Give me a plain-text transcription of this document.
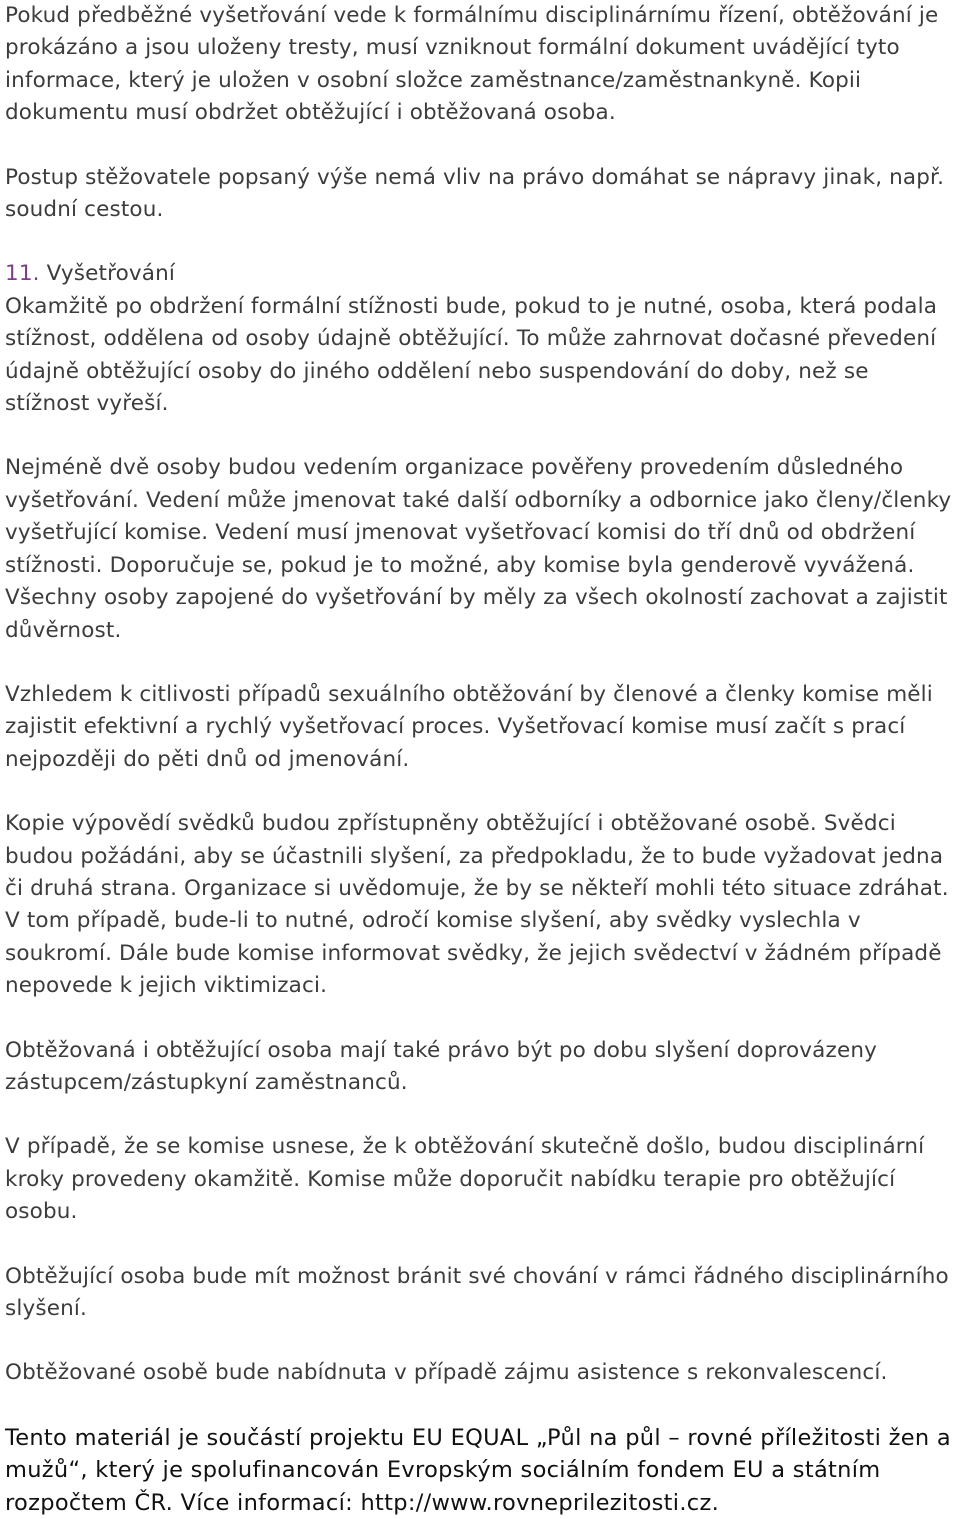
Pokud předběžné vyšetřování vede k formálnímu disciplinárnímu řízení, obtěžování je prokázáno a jsou uloženy tresty, musí vzniknout formální dokument uvádějící tyto informace, který je uložen v osobní složce zaměstnance/zaměstnankyně. Kopii dokumentu musí obdržet obtěžující i obtěžovaná osoba.

Postup stěžovatele popsaný výše nemá vliv na právo domáhat se nápravy jinak, např. soudní cestou.

11. Vyšetřování

Okamžitě po obdržení formální stížnosti bude, pokud to je nutné, osoba, která podala stížnost, oddělena od osoby údajně obtěžující. To může zahrnovat dočasné převedení údajně obtěžující osoby do jiného oddělení nebo suspendování do doby, než se stížnost vyřeší.

Nejméně dvě osoby budou vedením organizace pověřeny provedením důsledného vyšetřování. Vedení může jmenovat také další odborníky a odbornice jako členy/členky vyšetřující komise. Vedení musí jmenovat vyšetřovací komisi do tří dnů od obdržení stížnosti. Doporučuje se, pokud je to možné, aby komise byla genderově vyvážená. Všechny osoby zapojené do vyšetřování by měly za všech okolností zachovat a zajistit důvěrnost.

Vzhledem k citlivosti případů sexuálního obtěžování by členové a členky komise měli zajistit efektivní a rychlý vyšetřovací proces. Vyšetřovací komise musí začít s prací nejpozději do pěti dnů od jmenování.

Kopie výpovědí svědků budou zpřístupněny obtěžující i obtěžované osobě. Svědci budou požádáni, aby se účastnili slyšení, za předpokladu, že to bude vyžadovat jedna či druhá strana. Organizace si uvědomuje, že by se někteří mohli této situace zdráhat. V tom případě, bude-li to nutné, odročí komise slyšení, aby svědky vyslechla v soukromí. Dále bude komise informovat svědky, že jejich svědectví v žádném případě nepovede k jejich viktimizaci.

Obtěžovaná i obtěžující osoba mají také právo být po dobu slyšení doprovázeny zástupcem/zástupkyní zaměstnanců.

V případě, že se komise usnese, že k obtěžování skutečně došlo, budou disciplinární kroky provedeny okamžitě. Komise může doporučit nabídku terapie pro obtěžující osobu.

Obtěžující osoba bude mít možnost bránit své chování v rámci řádného disciplinárního slyšení.

Obtěžované osobě bude nabídnuta v případě zájmu asistence s rekonvalescencí.

Tento materiál je součástí projektu EU EQUAL „Půl na půl – rovné příležitosti žen a mužů“, který je spolufinancován Evropským sociálním fondem EU a státním rozpočtem ČR. Více informací: http://www.rovneprilezitosti.cz.
